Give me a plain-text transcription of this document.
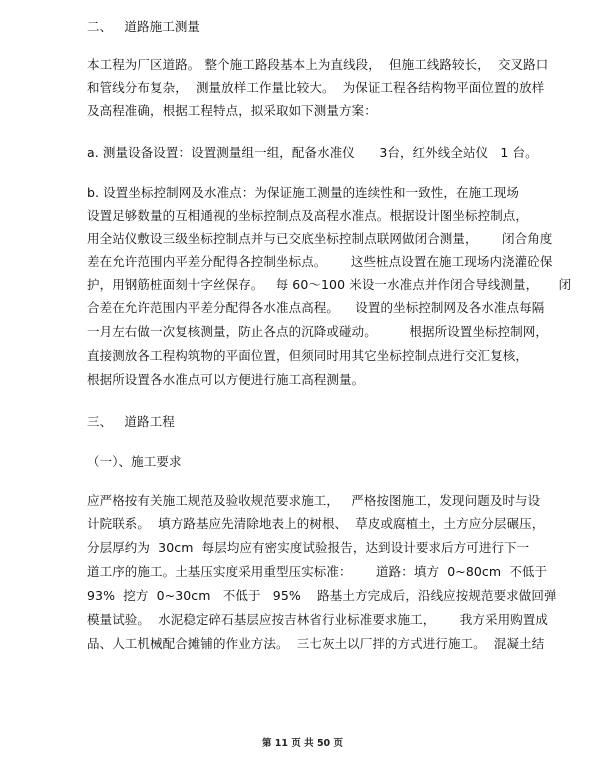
二、   道路施工测量
本工程为厂区道路。 整个施工路段基本上为直线段，  但施工线路较长，  交叉路口
和管线分布复杂，  测量放样工作量比较大。  为保证工程各结构物平面位置的放样
及高程准确，根据工程特点，拟采取如下测量方案：
a. 测量设备设置：设置测量组一组，配备水准仪      3台，红外线全站仪   1 台。
b. 设置坐标控制网及水准点：为保证施工测量的连续性和一致性，在施工现场
设置足够数量的互相通视的坐标控制点及高程水准点。根据设计图坐标控制点，
用全站仪敷设三级坐标控制点并与已交底坐标控制点联网做闭合测量，      闭合角度
差在允许范围内平差分配得各控制坐标点。      这些桩点设置在施工现场内浇灌砼保
护，用钢筋桩面刻十字丝保存。   每 60～100 米设一水准点并作闭合导线测量，     闭
合差在允许范围内平差分配得各水准点高程。    设置的坐标控制网及各水准点每隔
一月左右做一次复核测量，防止各点的沉降或碰动。        根据所设置坐标控制网，
直接测放各工程构筑物的平面位置，但须同时用其它坐标控制点进行交汇复核，
根据所设置各水准点可以方便进行施工高程测量。
三、   道路工程
（一）、施工要求
应严格按有关施工规范及验收规范要求施工，   严格按图施工，发现问题及时与设
计院联系。  填方路基应先清除地表上的树根、  草皮或腐植土，土方应分层碾压，
分层厚约为  30cm  每层均应有密实度试验报告，达到设计要求后方可进行下一
道工序的施工。土基压实度采用重型压实标准：      道路：填方  0~80cm  不低于
93%  挖方  0~30cm   不低于   95%    路基土方完成后，沿线应按规范要求做回弹
模量试验。  水泥稳定碎石基层应按吉林省行业标准要求施工，      我方采用购置成
品、人工机械配合摊铺的作业方法。  三七灰土以厂拌的方式进行施工。  混凝土结
第 11 页 共 50 页
